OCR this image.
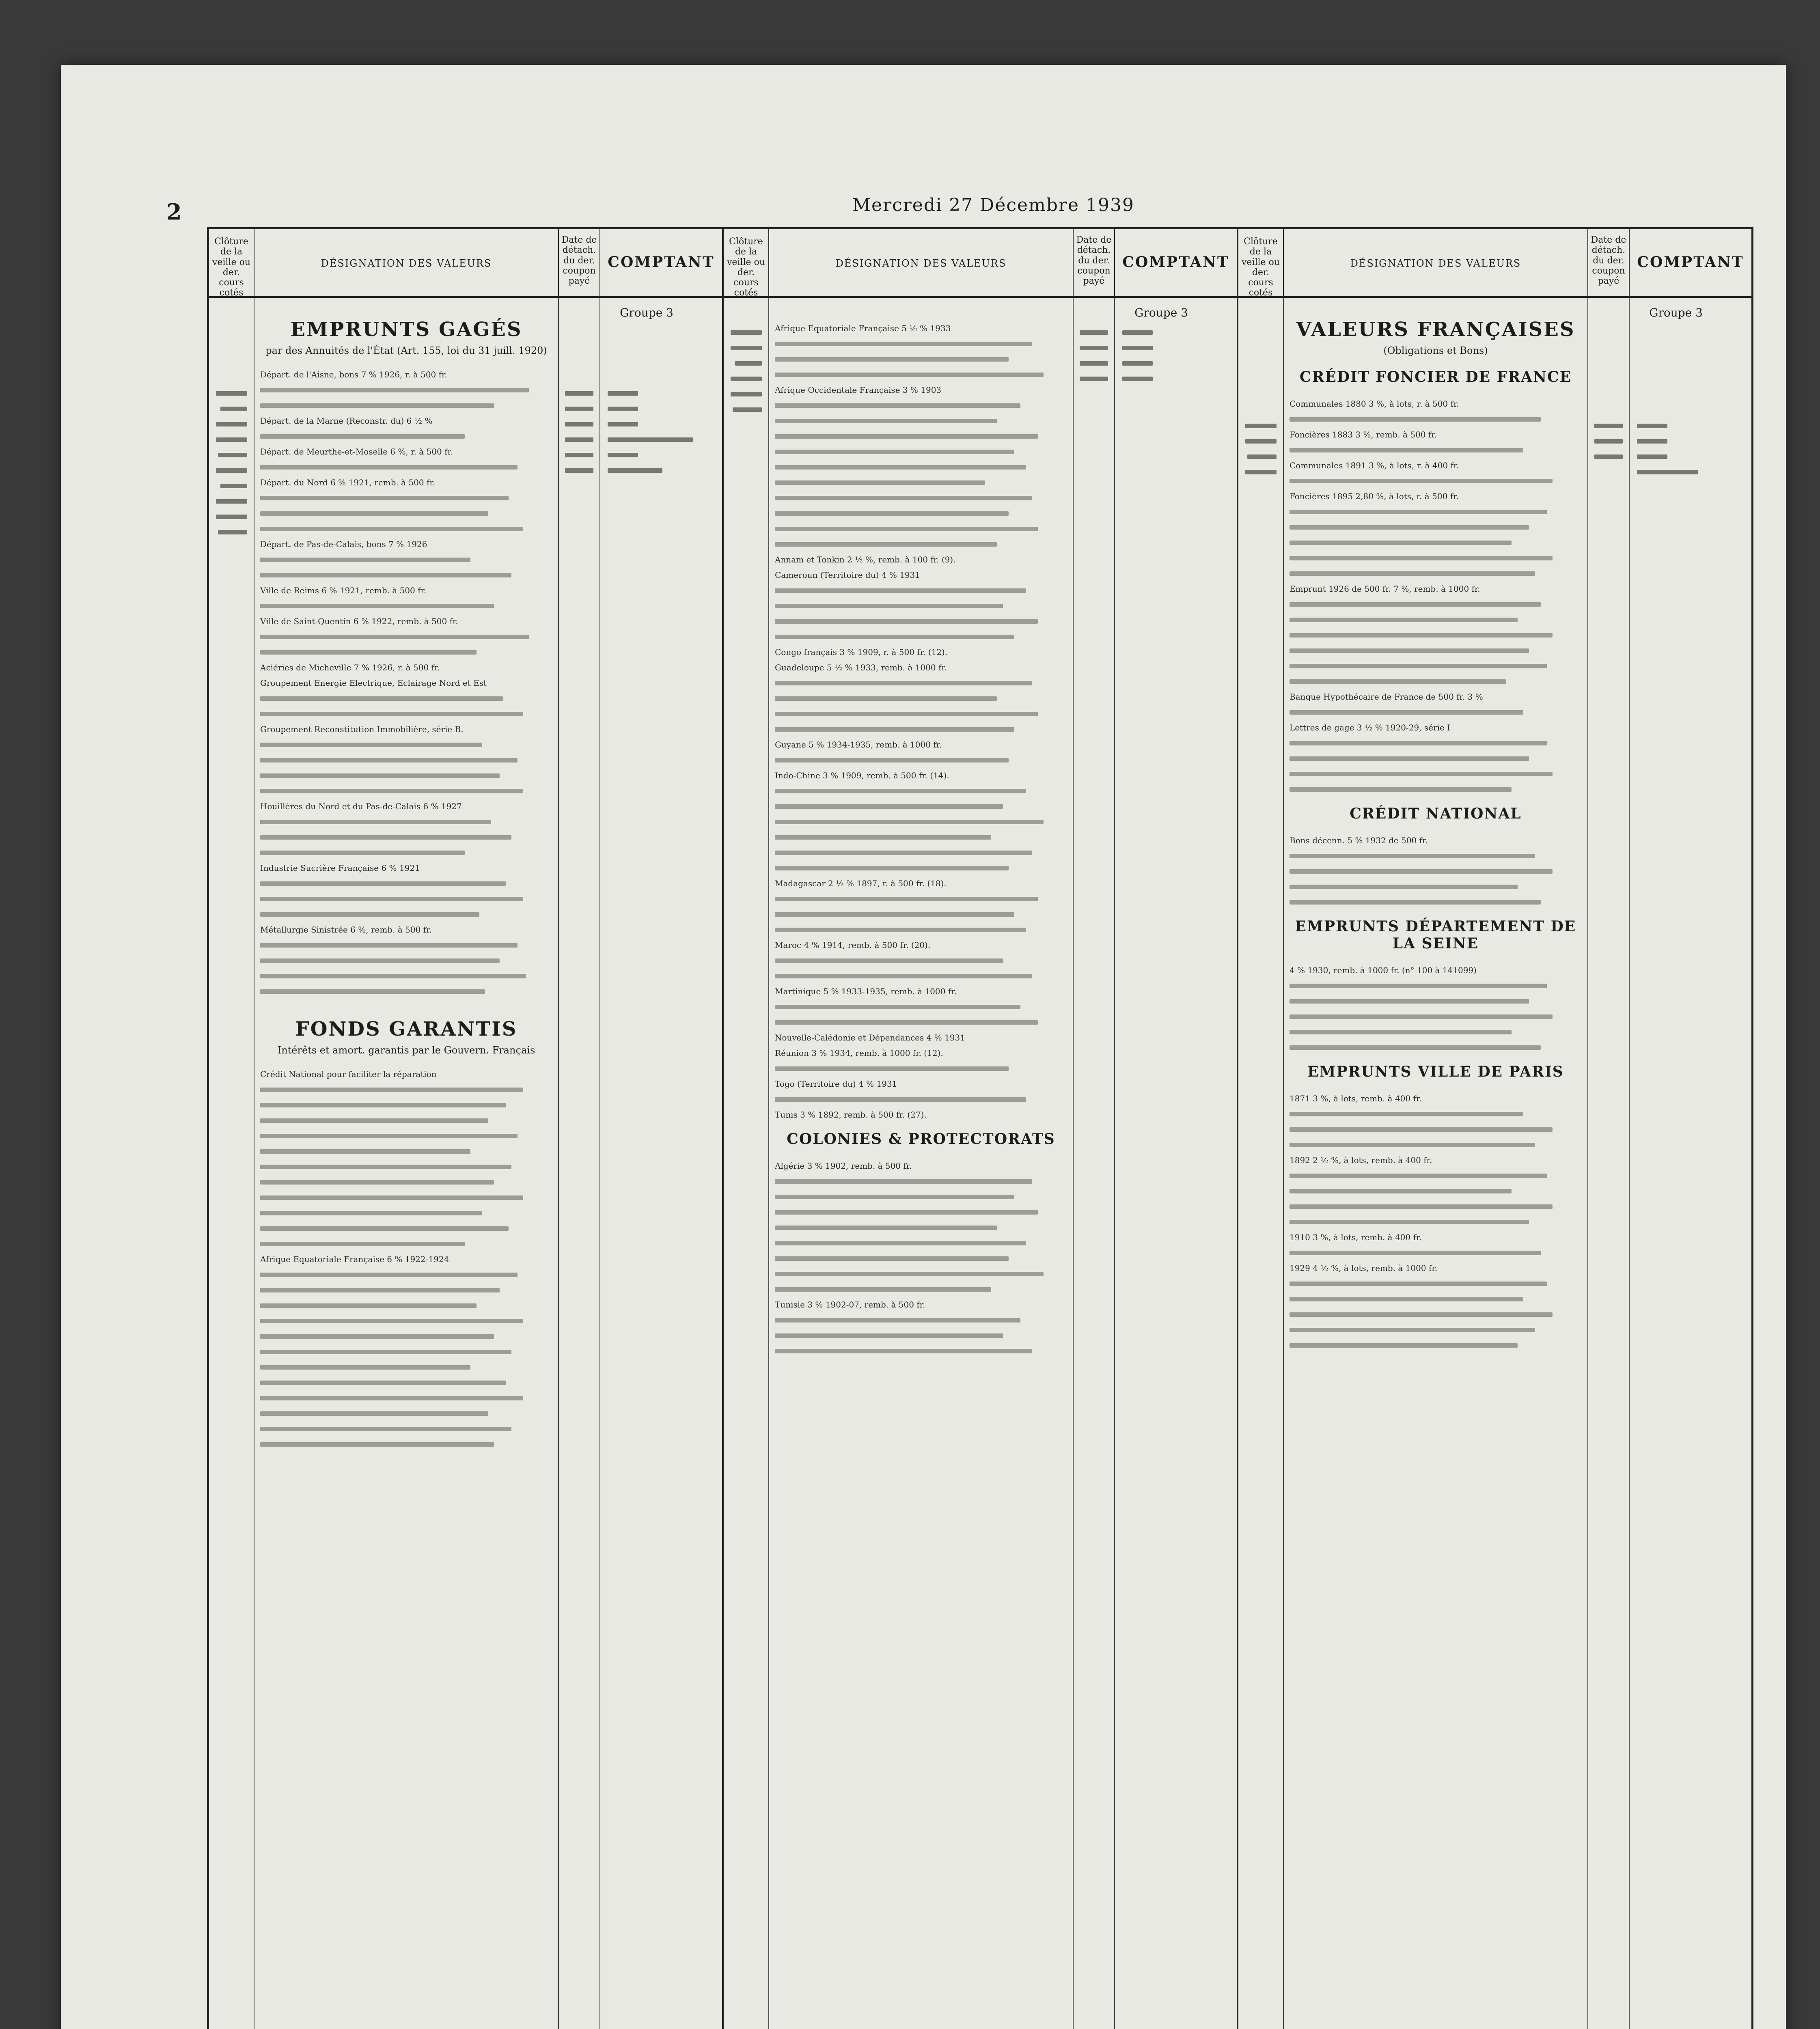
2	Mercredi 27 Décembre 1939
Clôture de la veille ou der. cours cotés
DÉSIGNATION DES VALEURS
Date de détach. du der. coupon payé
COMPTANT
Groupe 3
EMPRUNTS GAGÉS
par des Annuités de l'État (Art. 155, loi du 31 juill. 1920)
Départ. de l'Aisne, bons 7 % 1926, r. à 500 fr.
Départ. de la Marne (Reconstr. du) 6 ½ %
Départ. de Meurthe-et-Moselle 6 %, r. à 500 fr.
Départ. du Nord 6 % 1921, remb. à 500 fr.
Départ. de Pas-de-Calais, bons 7 % 1926
Ville de Reims 6 % 1921, remb. à 500 fr.
Ville de Saint-Quentin 6 % 1922, remb. à 500 fr.
Aciéries de Micheville 7 % 1926, r. à 500 fr.
Groupement Energie Electrique, Eclairage Nord et Est
Groupement Reconstitution Immobilière, série B.
Houillères du Nord et du Pas-de-Calais 6 % 1927
Industrie Sucrière Française 6 % 1921
Métallurgie Sinistrée 6 %, remb. à 500 fr.
FONDS GARANTIS
Intérêts et amort. garantis par le Gouvern. Français
Crédit National pour faciliter la réparation
Afrique Equatoriale Française 6 % 1922-1924
Clôture de la veille ou der. cours cotés
DÉSIGNATION DES VALEURS
Date de détach. du der. coupon payé
COMPTANT
Groupe 3
Afrique Equatoriale Française 5 ½ % 1933
Afrique Occidentale Française 3 % 1903
Annam et Tonkin 2 ½ %, remb. à 100 fr. (9).
Cameroun (Territoire du) 4 % 1931
Congo français 3 % 1909, r. à 500 fr. (12).
Guadeloupe 5 ½ % 1933, remb. à 1000 fr.
Guyane 5 % 1934-1935, remb. à 1000 fr.
Indo-Chine 3 % 1909, remb. à 500 fr. (14).
Madagascar 2 ½ % 1897, r. à 500 fr. (18).
Maroc 4 % 1914, remb. à 500 fr. (20).
Martinique 5 % 1933-1935, remb. à 1000 fr.
Nouvelle-Calédonie et Dépendances 4 % 1931
Réunion 3 % 1934, remb. à 1000 fr. (12).
Togo (Territoire du) 4 % 1931
Tunis 3 % 1892, remb. à 500 fr. (27).
COLONIES & PROTECTORATS
Algérie 3 % 1902, remb. à 500 fr.
Tunisie 3 % 1902-07, remb. à 500 fr.
Clôture de la veille ou der. cours cotés
DÉSIGNATION DES VALEURS
Date de détach. du der. coupon payé
COMPTANT
Groupe 3
VALEURS FRANÇAISES
(Obligations et Bons)
CRÉDIT FONCIER DE FRANCE
Communales 1880 3 %, à lots, r. à 500 fr.
Foncières 1883 3 %, remb. à 500 fr.
Communales 1891 3 %, à lots, r. à 400 fr.
Foncières 1895 2,80 %, à lots, r. à 500 fr.
Emprunt 1926 de 500 fr. 7 %, remb. à 1000 fr.
Banque Hypothécaire de France de 500 fr. 3 %
Lettres de gage 3 ½ % 1920-29, série I
CRÉDIT NATIONAL
Bons décenn. 5 % 1932 de 500 fr.
EMPRUNTS DÉPARTEMENT DE LA SEINE
4 % 1930, remb. à 1000 fr. (n° 100 à 141099)
EMPRUNTS VILLE DE PARIS
1871 3 %, à lots, remb. à 400 fr.
1892 2 ½ %, à lots, remb. à 400 fr.
1910 3 %, à lots, remb. à 400 fr.
1929 4 ½ %, à lots, remb. à 1000 fr.
